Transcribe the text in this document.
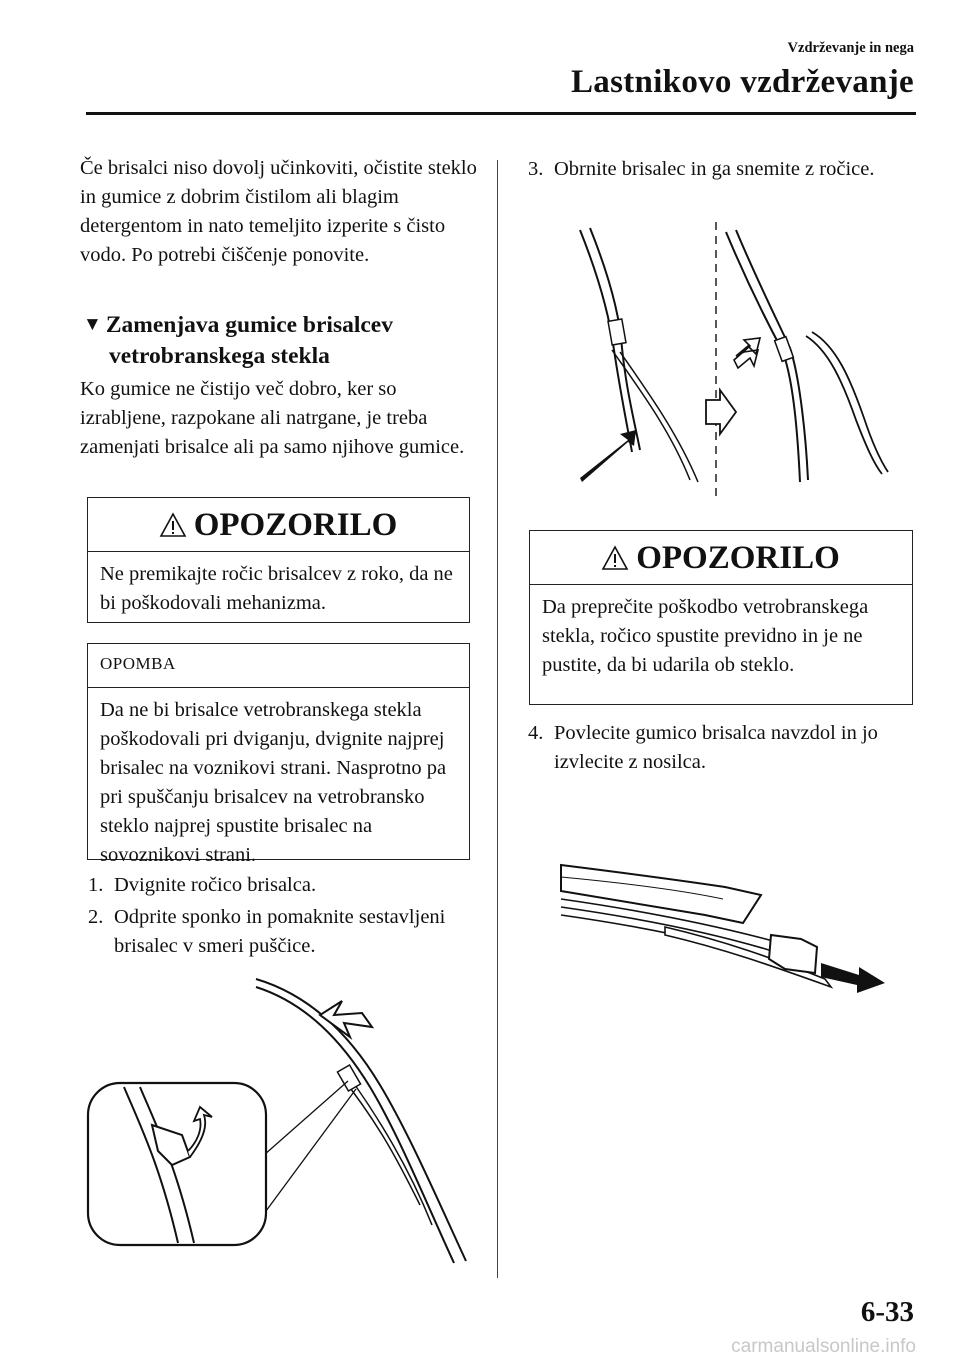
Vzdrževanje in nega
Lastnikovo vzdrževanje
Če brisalci niso dovolj učinkoviti, očistite steklo in gumice z dobrim čistilom ali blagim detergentom in nato temeljito izperite s čisto vodo. Po potrebi čiščenje ponovite.
▼ Zamenjava gumice brisalcev
vetrobranskega stekla
Ko gumice ne čistijo več dobro, ker so izrabljene, razpokane ali natrgane, je treba zamenjati brisalce ali pa samo njihove gumice.
OPOZORILO
Ne premikajte ročic brisalcev z roko, da ne bi poškodovali mehanizma.
OPOMBA
Da ne bi brisalce vetrobranskega stekla poškodovali pri dviganju, dvignite najprej brisalec na voznikovi strani. Nasprotno pa pri spuščanju brisalcev na vetrobransko steklo najprej spustite brisalec na sovoznikovi strani.
1. Dvignite ročico brisalca.
2. Odprite sponko in pomaknite sestavljeni brisalec v smeri puščice.
3. Obrnite brisalec in ga snemite z ročice.
OPOZORILO
Da preprečite poškodbo vetrobranskega stekla, ročico spustite previdno in je ne pustite, da bi udarila ob steklo.
4. Povlecite gumico brisalca navzdol in jo izvlecite z nosilca.
6-33
carmanualsonline.info
